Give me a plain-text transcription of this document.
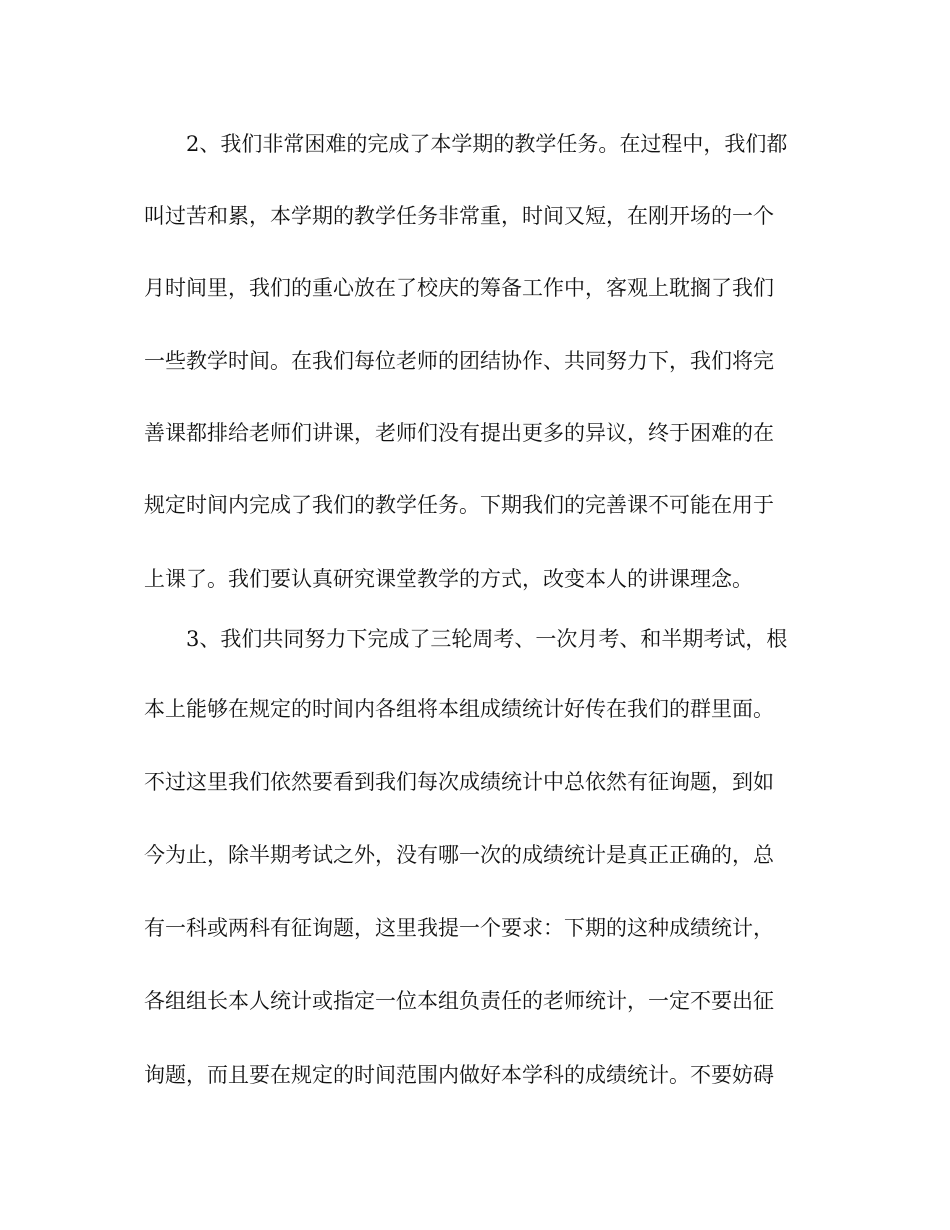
2、我们非常困难的完成了本学期的教学任务。在过程中，我们都
叫过苦和累，本学期的教学任务非常重，时间又短，在刚开场的一个
月时间里，我们的重心放在了校庆的筹备工作中，客观上耽搁了我们
一些教学时间。在我们每位老师的团结协作、共同努力下，我们将完
善课都排给老师们讲课，老师们没有提出更多的异议，终于困难的在
规定时间内完成了我们的教学任务。下期我们的完善课不可能在用于
上课了。我们要认真研究课堂教学的方式，改变本人的讲课理念。
3、我们共同努力下完成了三轮周考、一次月考、和半期考试，根
本上能够在规定的时间内各组将本组成绩统计好传在我们的群里面。
不过这里我们依然要看到我们每次成绩统计中总依然有征询题，到如
今为止，除半期考试之外，没有哪一次的成绩统计是真正正确的，总
有一科或两科有征询题，这里我提一个要求：下期的这种成绩统计，
各组组长本人统计或指定一位本组负责任的老师统计，一定不要出征
询题，而且要在规定的时间范围内做好本学科的成绩统计。不要妨碍
